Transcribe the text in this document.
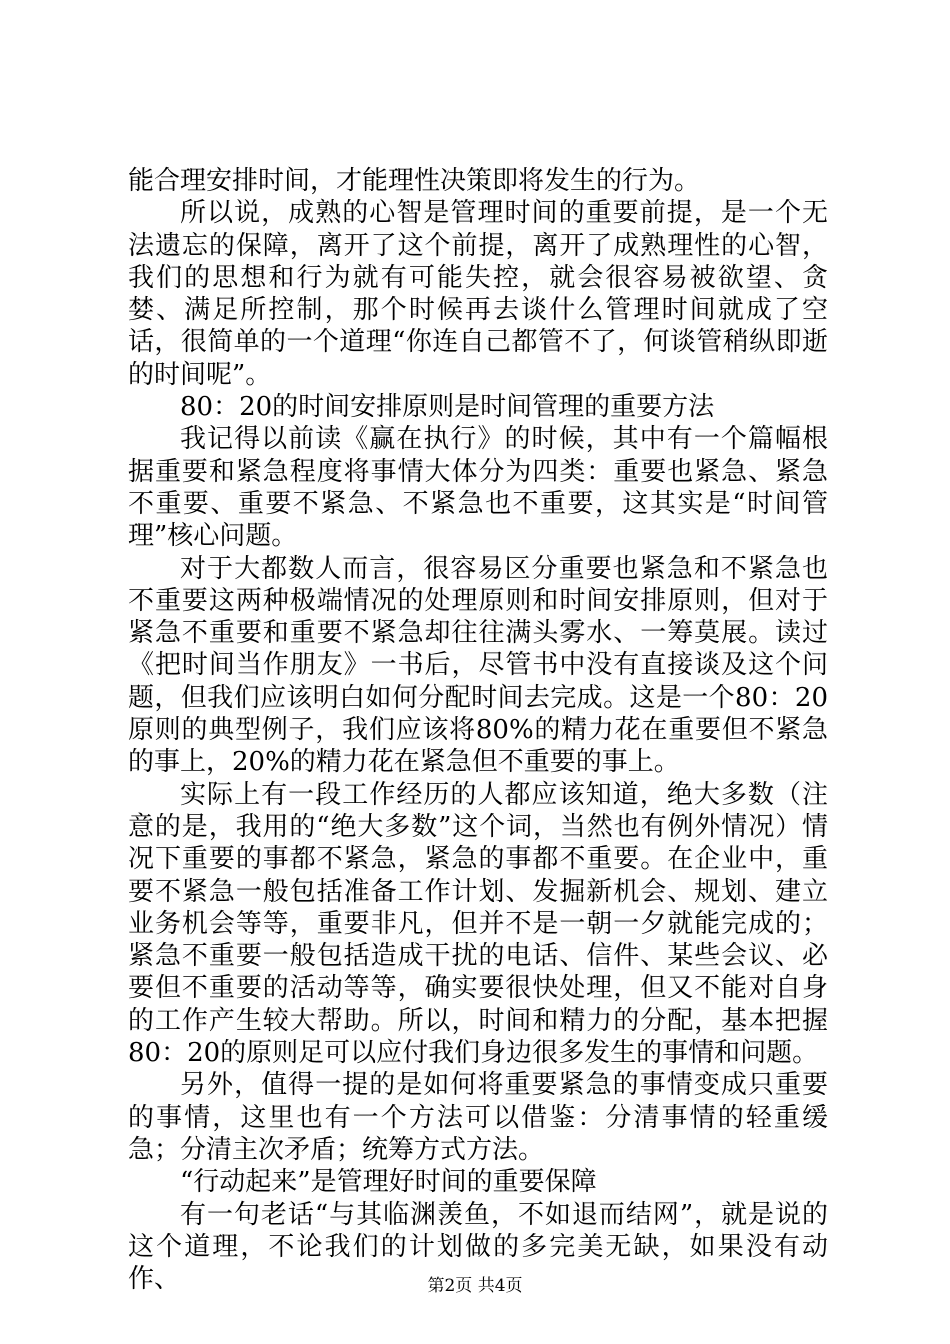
能合理安排时间，才能理性决策即将发生的行为。

所以说，成熟的心智是管理时间的重要前提，是一个无法遗忘的保障，离开了这个前提，离开了成熟理性的心智，我们的思想和行为就有可能失控，就会很容易被欲望、贪婪、满足所控制，那个时候再去谈什么管理时间就成了空话，很简单的一个道理“你连自己都管不了，何谈管稍纵即逝的时间呢”。

80：20的时间安排原则是时间管理的重要方法

我记得以前读《赢在执行》的时候，其中有一个篇幅根据重要和紧急程度将事情大体分为四类：重要也紧急、紧急不重要、重要不紧急、不紧急也不重要，这其实是“时间管理”核心问题。

对于大都数人而言，很容易区分重要也紧急和不紧急也不重要这两种极端情况的处理原则和时间安排原则，但对于紧急不重要和重要不紧急却往往满头雾水、一筹莫展。读过《把时间当作朋友》一书后，尽管书中没有直接谈及这个问题，但我们应该明白如何分配时间去完成。这是一个80：20原则的典型例子，我们应该将80%的精力花在重要但不紧急的事上，20%的精力花在紧急但不重要的事上。

实际上有一段工作经历的人都应该知道，绝大多数（注意的是，我用的“绝大多数”这个词，当然也有例外情况）情况下重要的事都不紧急，紧急的事都不重要。在企业中，重要不紧急一般包括准备工作计划、发掘新机会、规划、建立业务机会等等，重要非凡，但并不是一朝一夕就能完成的；紧急不重要一般包括造成干扰的电话、信件、某些会议、必要但不重要的活动等等，确实要很快处理，但又不能对自身的工作产生较大帮助。所以，时间和精力的分配，基本把握80：20的原则足可以应付我们身边很多发生的事情和问题。

另外，值得一提的是如何将重要紧急的事情变成只重要的事情，这里也有一个方法可以借鉴：分清事情的轻重缓急；分清主次矛盾；统筹方式方法。

“行动起来”是管理好时间的重要保障

有一句老话“与其临渊羡鱼，不如退而结网”，就是说的这个道理，不论我们的计划做的多完美无缺，如果没有动作、	第2页 共4页
